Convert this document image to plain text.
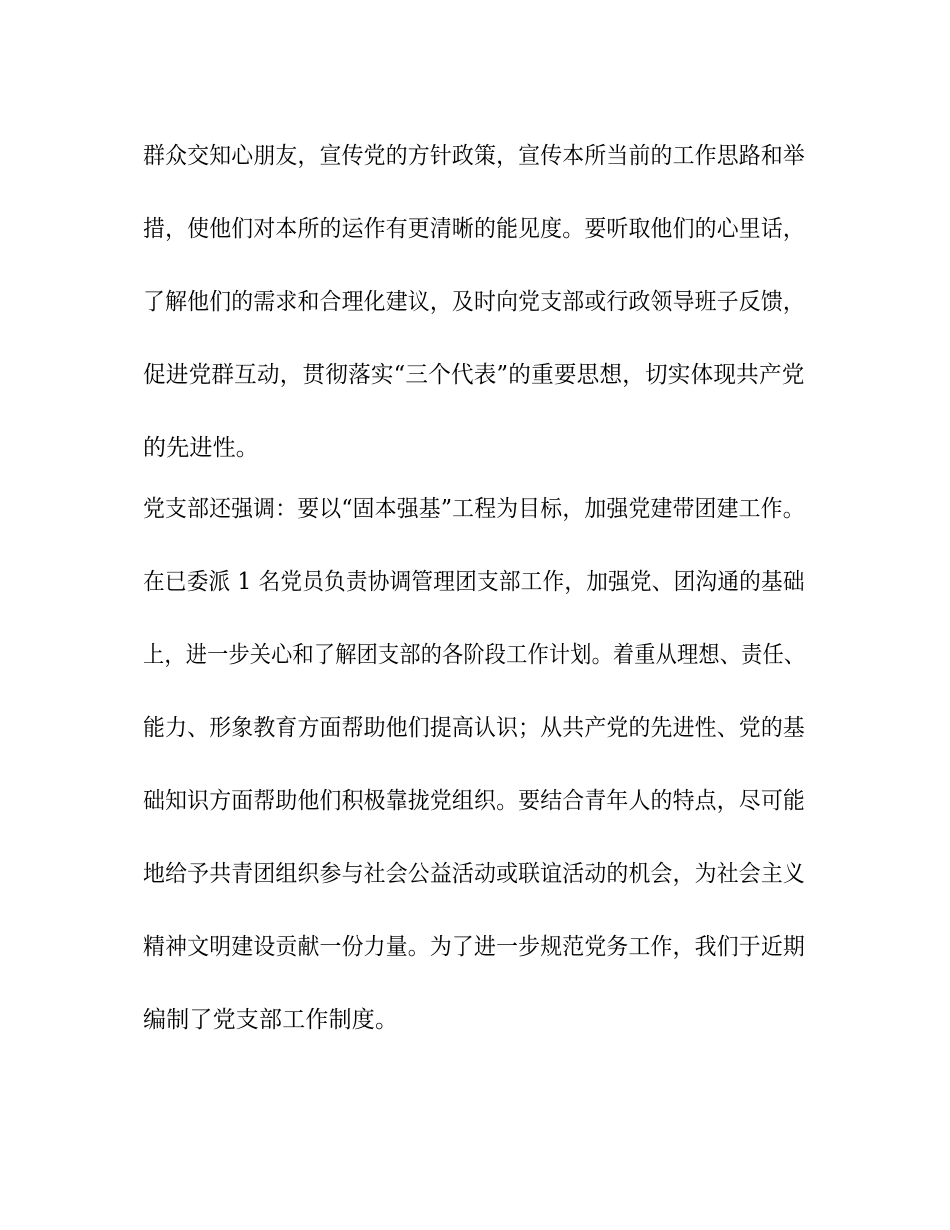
群众交知心朋友，宣传党的方针政策，宣传本所当前的工作思路和举
措，使他们对本所的运作有更清晰的能见度。要听取他们的心里话，
了解他们的需求和合理化建议，及时向党支部或行政领导班子反馈，
促进党群互动，贯彻落实“三个代表”的重要思想，切实体现共产党
的先进性。
党支部还强调：要以“固本强基”工程为目标，加强党建带团建工作。
在已委派 1 名党员负责协调管理团支部工作，加强党、团沟通的基础
上，进一步关心和了解团支部的各阶段工作计划。着重从理想、责任、
能力、形象教育方面帮助他们提高认识；从共产党的先进性、党的基
础知识方面帮助他们积极靠拢党组织。要结合青年人的特点，尽可能
地给予共青团组织参与社会公益活动或联谊活动的机会，为社会主义
精神文明建设贡献一份力量。为了进一步规范党务工作，我们于近期
编制了党支部工作制度。
